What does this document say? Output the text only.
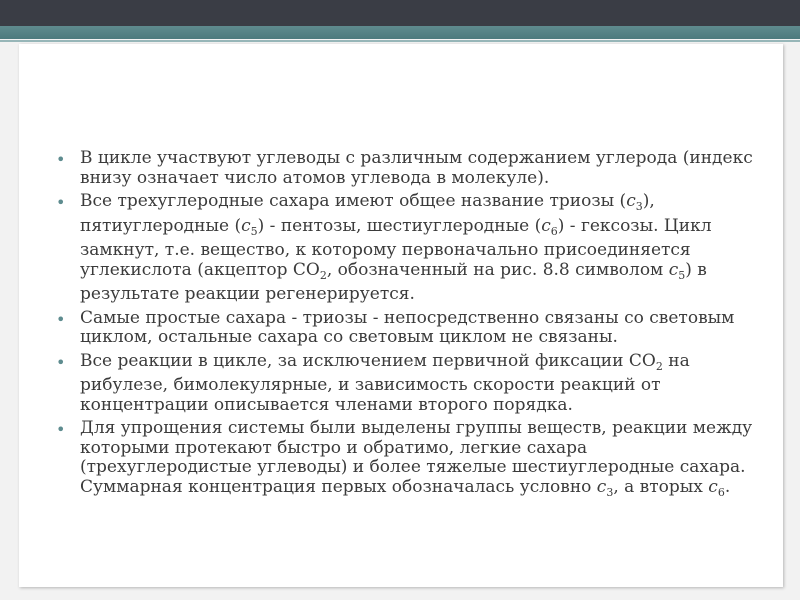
• В цикле участвуют углеводы с различным содержанием углерода (индекс внизу означает число атомов углевода в молекуле).
• Все трехуглеродные сахара имеют общее название триозы $(с_3)$, пятиуглеродные $(с_5)$ - пентозы, шестиуглеродные $(с_6)$ - гексозы. Цикл замкнут, т.е. вещество, к которому первоначально присоединяется углекислота (акцептор $СО_2$, обозначенный на рис. 8.8 символом $с_5$) в результате реакции регенерируется.
• Самые простые сахара - триозы - непосредственно связаны со световым циклом, остальные сахара со световым циклом не связаны.
• Все реакции в цикле, за исключением первичной фиксации $СО_2$ на рибулезе, бимолекулярные, и зависимость скорости реакций от концентрации описывается членами второго порядка.
• Для упрощения системы были выделены группы веществ, реакции между которыми протекают быстро и обратимо, легкие сахара (трехуглеродистые углеводы) и более тяжелые шестиуглеродные сахара. Суммарная концентрация первых обозначалась условно $с_3$, а вторых $с_6$.
